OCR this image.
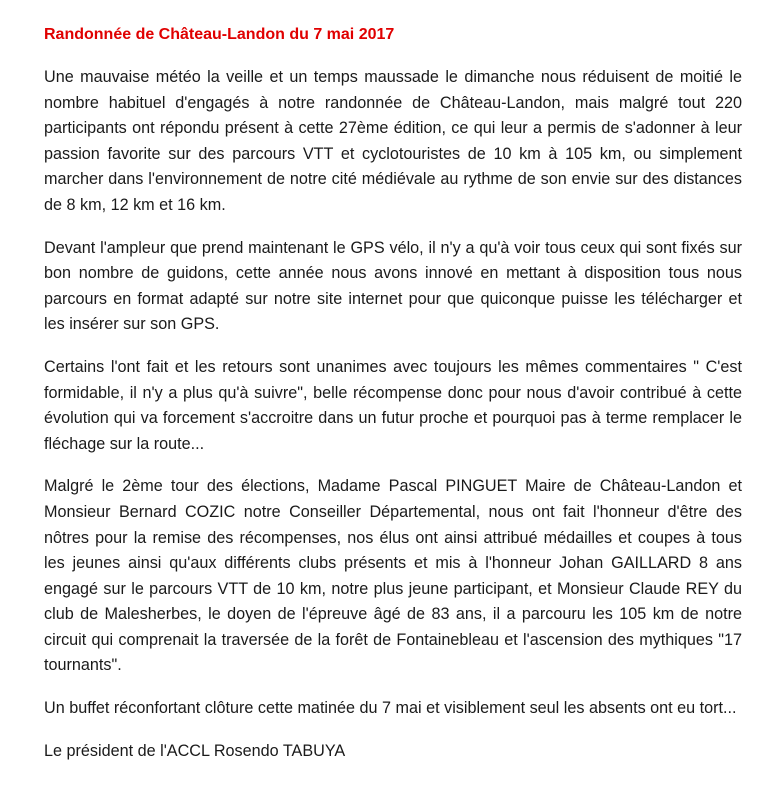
Randonnée de Château-Landon du 7 mai 2017

Une mauvaise météo la veille et un temps maussade le dimanche nous réduisent de moitié le nombre habituel d'engagés à notre randonnée de Château-Landon, mais malgré tout 220 participants ont répondu présent à cette 27ème édition, ce qui leur a permis de s'adonner à leur passion favorite sur des parcours VTT et cyclotouristes de 10 km à 105 km, ou simplement marcher dans l'environnement de notre cité médiévale au rythme de son envie sur des distances de 8 km, 12 km et 16 km.

Devant l'ampleur que prend maintenant le GPS vélo, il n'y a qu'à voir tous ceux qui sont fixés sur bon nombre de guidons, cette année nous avons innové en mettant à disposition tous nous parcours en format adapté sur notre site internet pour que quiconque puisse les télécharger et les insérer sur son GPS.

Certains l'ont fait et les retours sont unanimes avec toujours les mêmes commentaires " C'est formidable, il n'y a plus qu'à suivre", belle récompense donc pour nous d'avoir contribué à cette évolution qui va forcement s'accroitre dans un futur proche et pourquoi pas à terme remplacer le fléchage sur la route...

Malgré le 2ème tour des élections, Madame Pascal PINGUET Maire de Château-Landon et Monsieur Bernard COZIC notre Conseiller Départemental, nous ont fait l'honneur d'être des nôtres pour la remise des récompenses, nos élus ont ainsi attribué médailles et coupes à tous les jeunes ainsi qu'aux différents clubs présents et mis à l'honneur Johan GAILLARD 8 ans engagé sur le parcours VTT de 10 km, notre plus jeune participant, et Monsieur Claude REY du club de Malesherbes, le doyen de l'épreuve âgé de 83 ans, il a parcouru les 105 km de notre circuit qui comprenait la traversée de la forêt de Fontainebleau et l'ascension des mythiques "17 tournants".

Un buffet réconfortant clôture cette matinée du 7 mai et visiblement seul les absents ont eu tort...

Le président de l'ACCL Rosendo TABUYA
